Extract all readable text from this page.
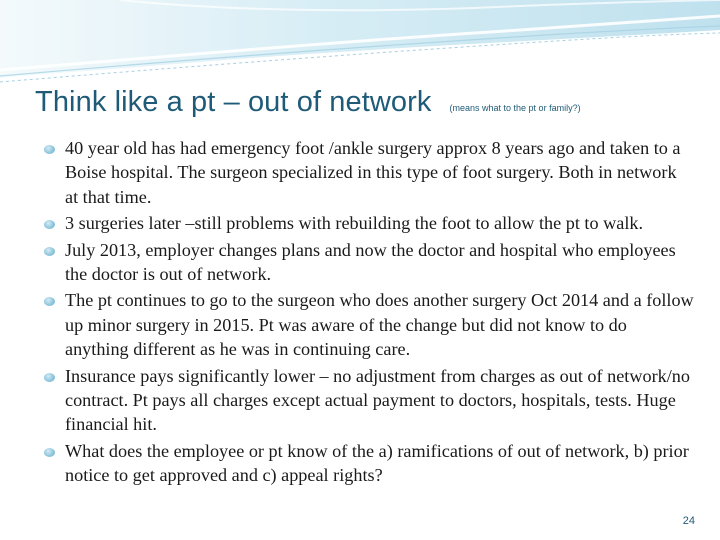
Think like a pt – out of network (means what to the pt or family?)
40 year old has had emergency foot /ankle surgery approx 8 years ago and taken to a Boise hospital. The surgeon specialized in this type of foot surgery. Both in network at that time.
3 surgeries later –still problems with rebuilding the foot to allow the pt to walk.
July 2013, employer changes plans and now the doctor and hospital who employees the doctor is out of network.
The pt continues to go to the surgeon who does another surgery Oct 2014 and a follow up minor surgery in 2015. Pt was aware of the change but did not know to do anything different as he was in continuing care.
Insurance pays significantly lower – no adjustment from charges as out of network/no contract. Pt pays all charges except actual payment to doctors, hospitals, tests. Huge financial hit.
What does the employee or pt know of the a) ramifications of out of network, b) prior notice to get approved and c) appeal rights?
24
